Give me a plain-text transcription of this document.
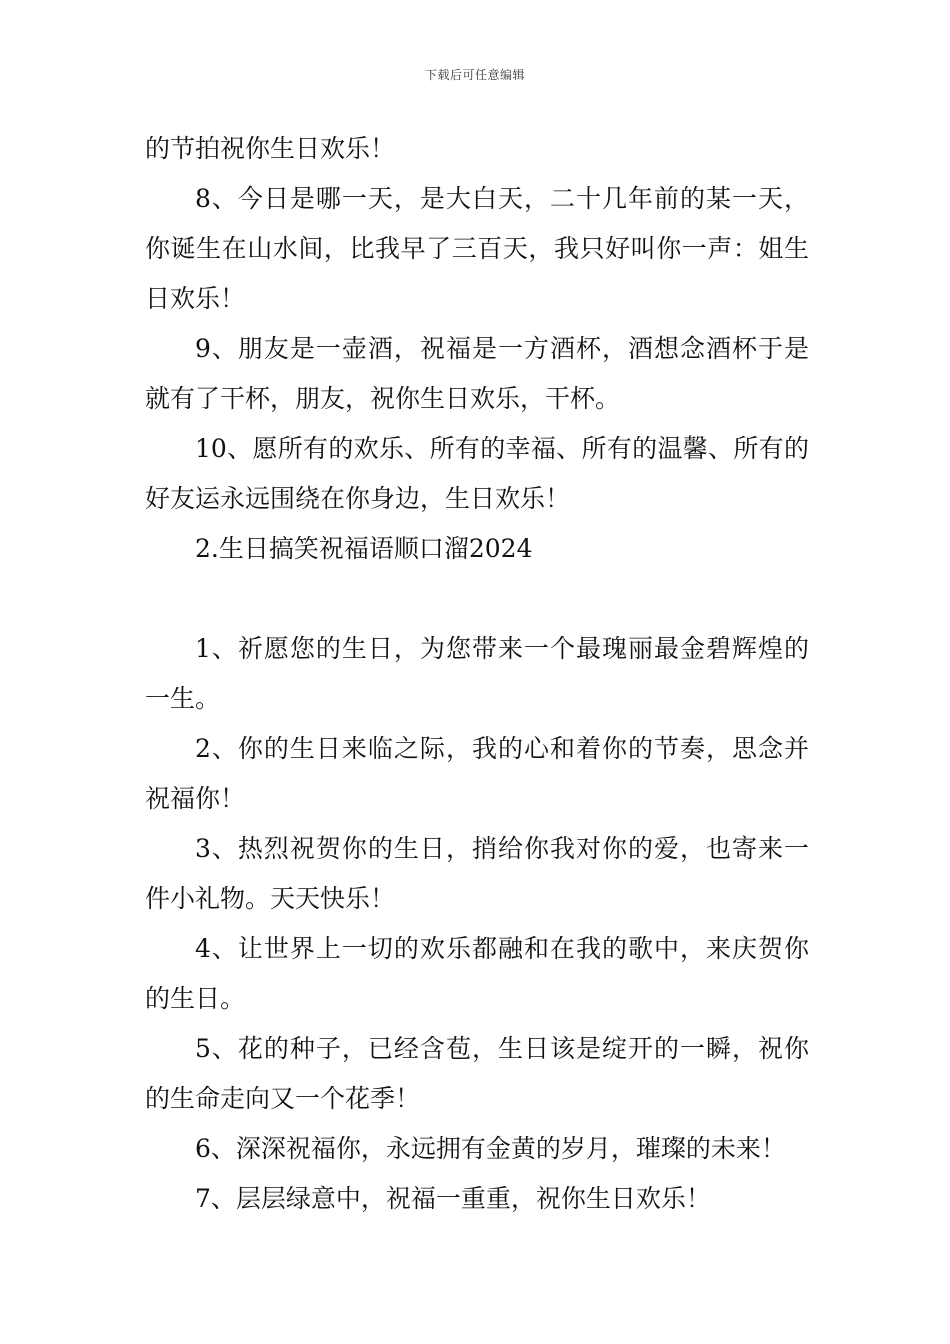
下载后可任意编辑

的节拍祝你生日欢乐！

8、今日是哪一天，是大白天，二十几年前的某一天，你诞生在山水间，比我早了三百天，我只好叫你一声：姐生日欢乐！

9、朋友是一壶酒，祝福是一方酒杯，酒想念酒杯于是就有了干杯，朋友，祝你生日欢乐，干杯。

10、愿所有的欢乐、所有的幸福、所有的温馨、所有的好友运永远围绕在你身边，生日欢乐！

2.生日搞笑祝福语顺口溜2024

1、祈愿您的生日，为您带来一个最瑰丽最金碧辉煌的一生。

2、你的生日来临之际，我的心和着你的节奏，思念并祝福你！

3、热烈祝贺你的生日，捎给你我对你的爱，也寄来一件小礼物。天天快乐！

4、让世界上一切的欢乐都融和在我的歌中，来庆贺你的生日。

5、花的种子，已经含苞，生日该是绽开的一瞬，祝你的生命走向又一个花季！

6、深深祝福你，永远拥有金黄的岁月，璀璨的未来！

7、层层绿意中，祝福一重重，祝你生日欢乐！
